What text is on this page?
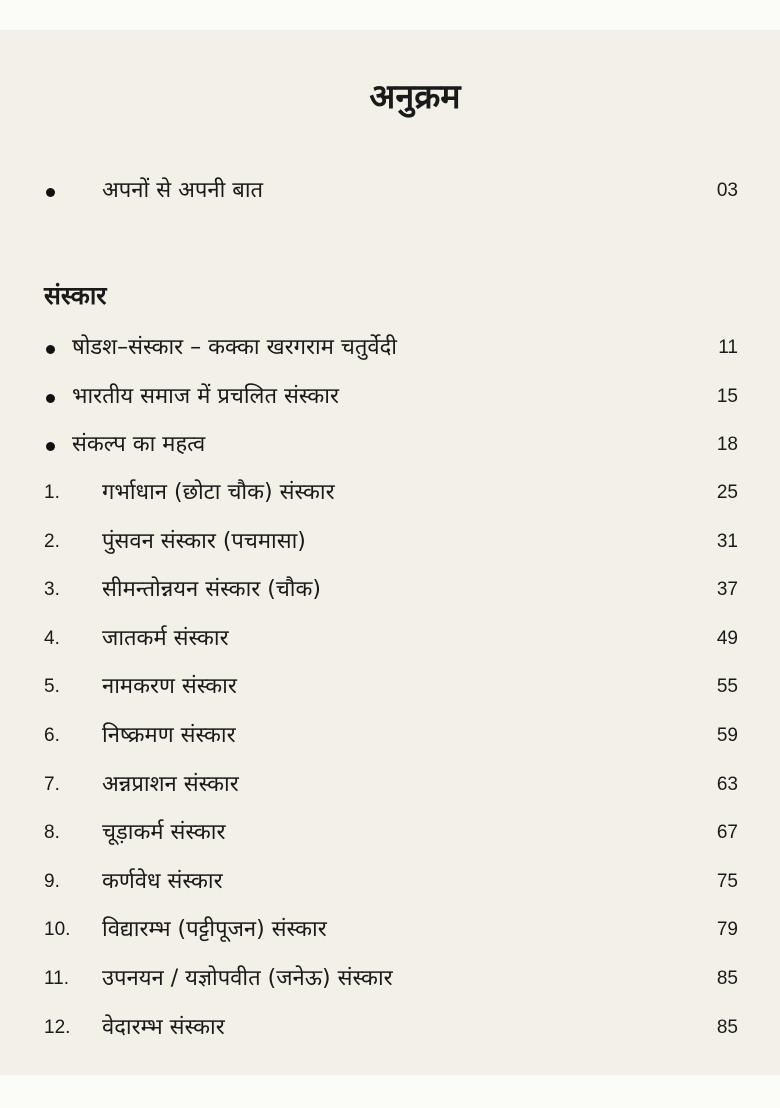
अनुक्रम
अपनों से अपनी बात	03
संस्कार
षोडश–संस्कार – कक्का खरगराम चतुर्वेदी	11
भारतीय समाज में प्रचलित संस्कार	15
संकल्प का महत्व	18
1. गर्भाधान (छोटा चौक) संस्कार	25
2. पुंसवन संस्कार (पचमासा)	31
3. सीमन्तोन्नयन संस्कार (चौक)	37
4. जातकर्म संस्कार	49
5. नामकरण संस्कार	55
6. निष्क्रमण संस्कार	59
7. अन्नप्राशन संस्कार	63
8. चूड़ाकर्म संस्कार	67
9. कर्णवेध संस्कार	75
10. विद्यारम्भ (पट्टीपूजन) संस्कार	79
11. उपनयन / यज्ञोपवीत (जनेऊ) संस्कार	85
12. वेदारम्भ संस्कार	85
